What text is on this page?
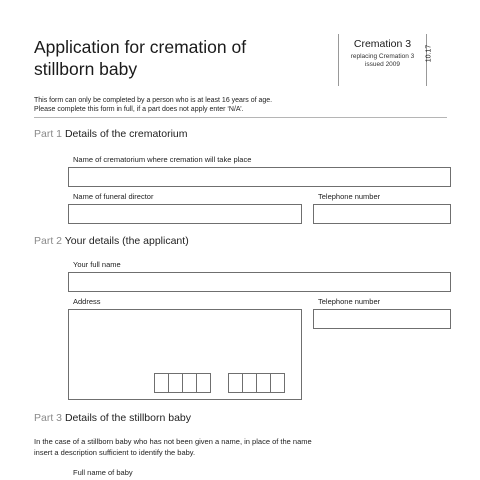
Application for cremation of
stillborn baby
Cremation 3
replacing Cremation 3
issued 2009
10.17
This form can only be completed by a person who is at least 16 years of age.
Please complete this form in full, if a part does not apply enter ‘N/A’.
Part 1 Details of the crematorium
Name of crematorium where cremation will take place
Name of funeral director	Telephone number
Part 2 Your details (the applicant)
Your full name
Address	Telephone number
Part 3 Details of the stillborn baby
In the case of a stillborn baby who has not been given a name, in place of the name
insert a description sufficient to identify the baby.
Full name of baby
